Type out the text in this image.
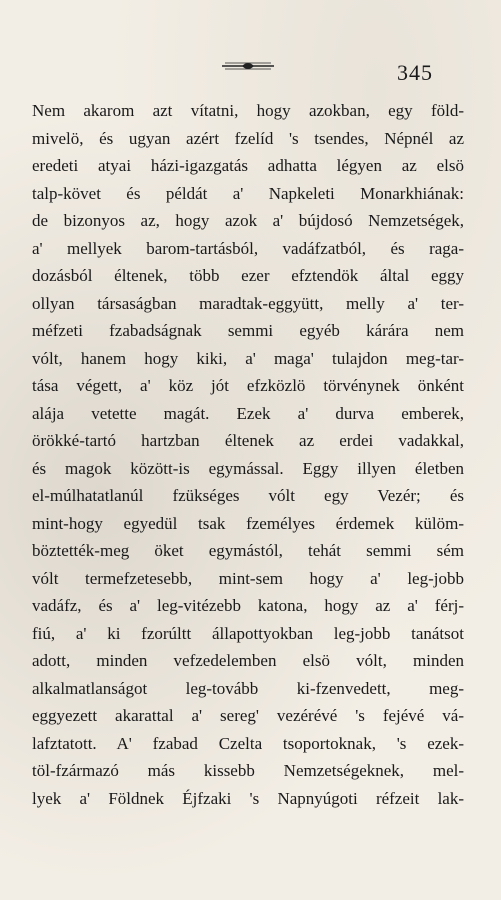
345
Nem akarom azt vítatni, hogy azokban, egy föld-
mivelö, és ugyan azért fzelíd 's tsendes, Népnél az
eredeti atyai házi-igazgatás adhatta légyen az elsö
talp-követ és példát a' Napkeleti Monarkhiának:
de bizonyos az, hogy azok a' bújdosó Nemzetségek,
a' mellyek barom-tartásból, vadáfzatból, és raga-
dozásból éltenek, több ezer efztendök által eggy
ollyan társaságban maradtak-eggyütt, melly a' ter-
méfzeti fzabadságnak semmi egyéb kárára nem
vólt, hanem hogy kiki, a' maga' tulajdon meg-tar-
tása végett, a' köz jót efzközlö törvénynek önként
alája vetette magát. Ezek a' durva emberek,
örökké-tartó hartzban éltenek az erdei vadakkal,
és magok között-is egymással. Eggy illyen életben
el-múlhatatlanúl fzükséges vólt egy Vezér; és
mint-hogy egyedül tsak fzemélyes érdemek külöm-
böztették-meg öket egymástól, tehát semmi sém
vólt termefzetesebb, mint-sem hogy a' leg-jobb
vadáfz, és a' leg-vitézebb katona, hogy az a' férj-
fiú, a' ki fzorúltt állapottyokban leg-jobb tanátsot
adott, minden vefzedelemben elsö vólt, minden
alkalmatlanságot leg-tovább ki-fzenvedett, meg-
eggyezett akarattal a' sereg' vezérévé 's fejévé vá-
lafztatott. A' fzabad Czelta tsoportoknak, 's ezek-
töl-fzármazó más kissebb Nemzetségeknek, mel-
lyek a' Földnek Éjfzaki 's Napnyúgoti réfzeit lak-
